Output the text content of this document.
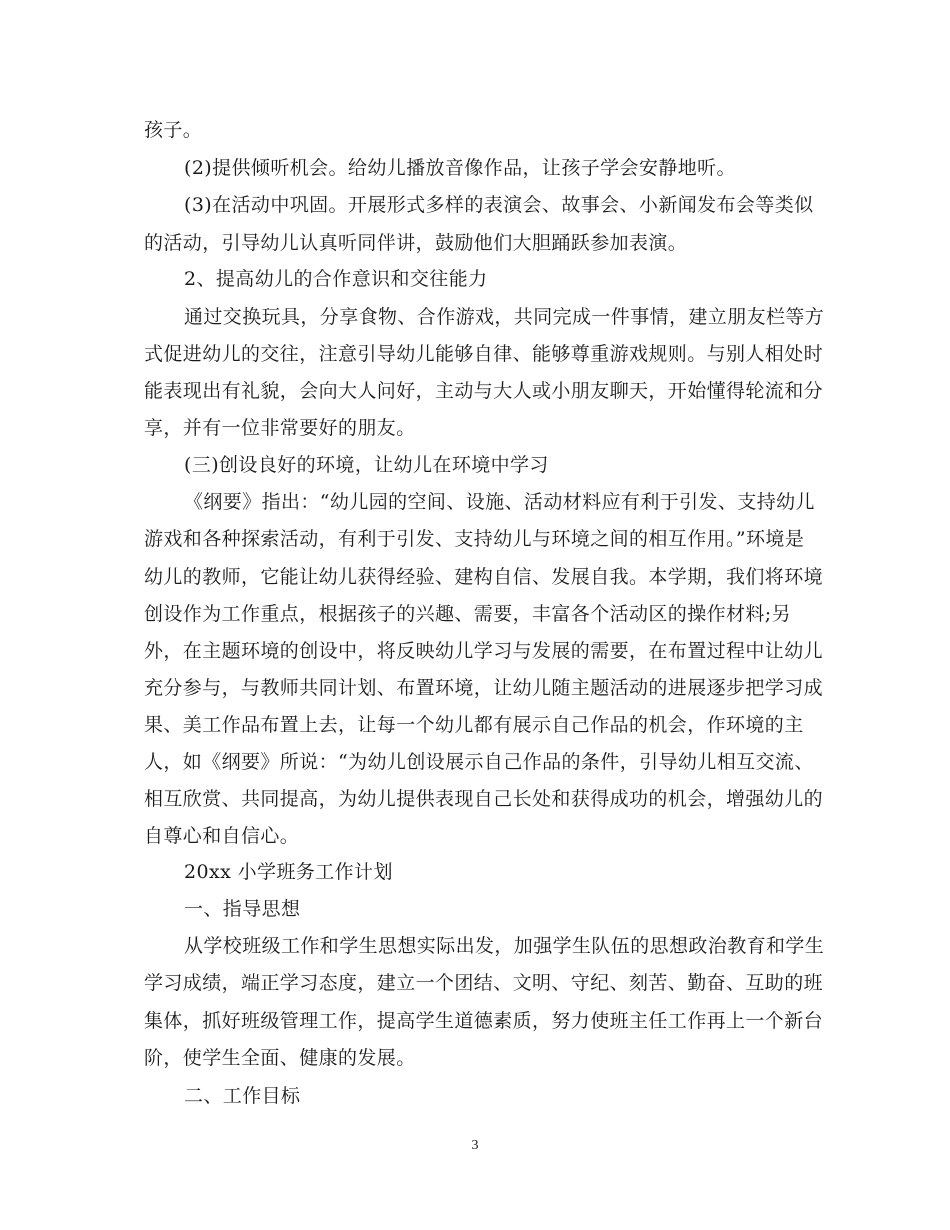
孩子。
(2)提供倾听机会。给幼儿播放音像作品，让孩子学会安静地听。
(3)在活动中巩固。开展形式多样的表演会、故事会、小新闻发布会等类似
的活动，引导幼儿认真听同伴讲，鼓励他们大胆踊跃参加表演。
2、提高幼儿的合作意识和交往能力
通过交换玩具，分享食物、合作游戏，共同完成一件事情，建立朋友栏等方
式促进幼儿的交往，注意引导幼儿能够自律、能够尊重游戏规则。与别人相处时
能表现出有礼貌，会向大人问好，主动与大人或小朋友聊天，开始懂得轮流和分
享，并有一位非常要好的朋友。
(三)创设良好的环境，让幼儿在环境中学习
《纲要》指出：“幼儿园的空间、设施、活动材料应有利于引发、支持幼儿
游戏和各种探索活动，有利于引发、支持幼儿与环境之间的相互作用。”环境是
幼儿的教师，它能让幼儿获得经验、建构自信、发展自我。本学期，我们将环境
创设作为工作重点，根据孩子的兴趣、需要，丰富各个活动区的操作材料;另
外，在主题环境的创设中，将反映幼儿学习与发展的需要，在布置过程中让幼儿
充分参与，与教师共同计划、布置环境，让幼儿随主题活动的进展逐步把学习成
果、美工作品布置上去，让每一个幼儿都有展示自己作品的机会，作环境的主
人，如《纲要》所说：“为幼儿创设展示自己作品的条件，引导幼儿相互交流、
相互欣赏、共同提高，为幼儿提供表现自己长处和获得成功的机会，增强幼儿的
自尊心和自信心。
20xx 小学班务工作计划
一、指导思想
从学校班级工作和学生思想实际出发，加强学生队伍的思想政治教育和学生
学习成绩，端正学习态度，建立一个团结、文明、守纪、刻苦、勤奋、互助的班
集体，抓好班级管理工作，提高学生道德素质，努力使班主任工作再上一个新台
阶，使学生全面、健康的发展。
二、工作目标
3
